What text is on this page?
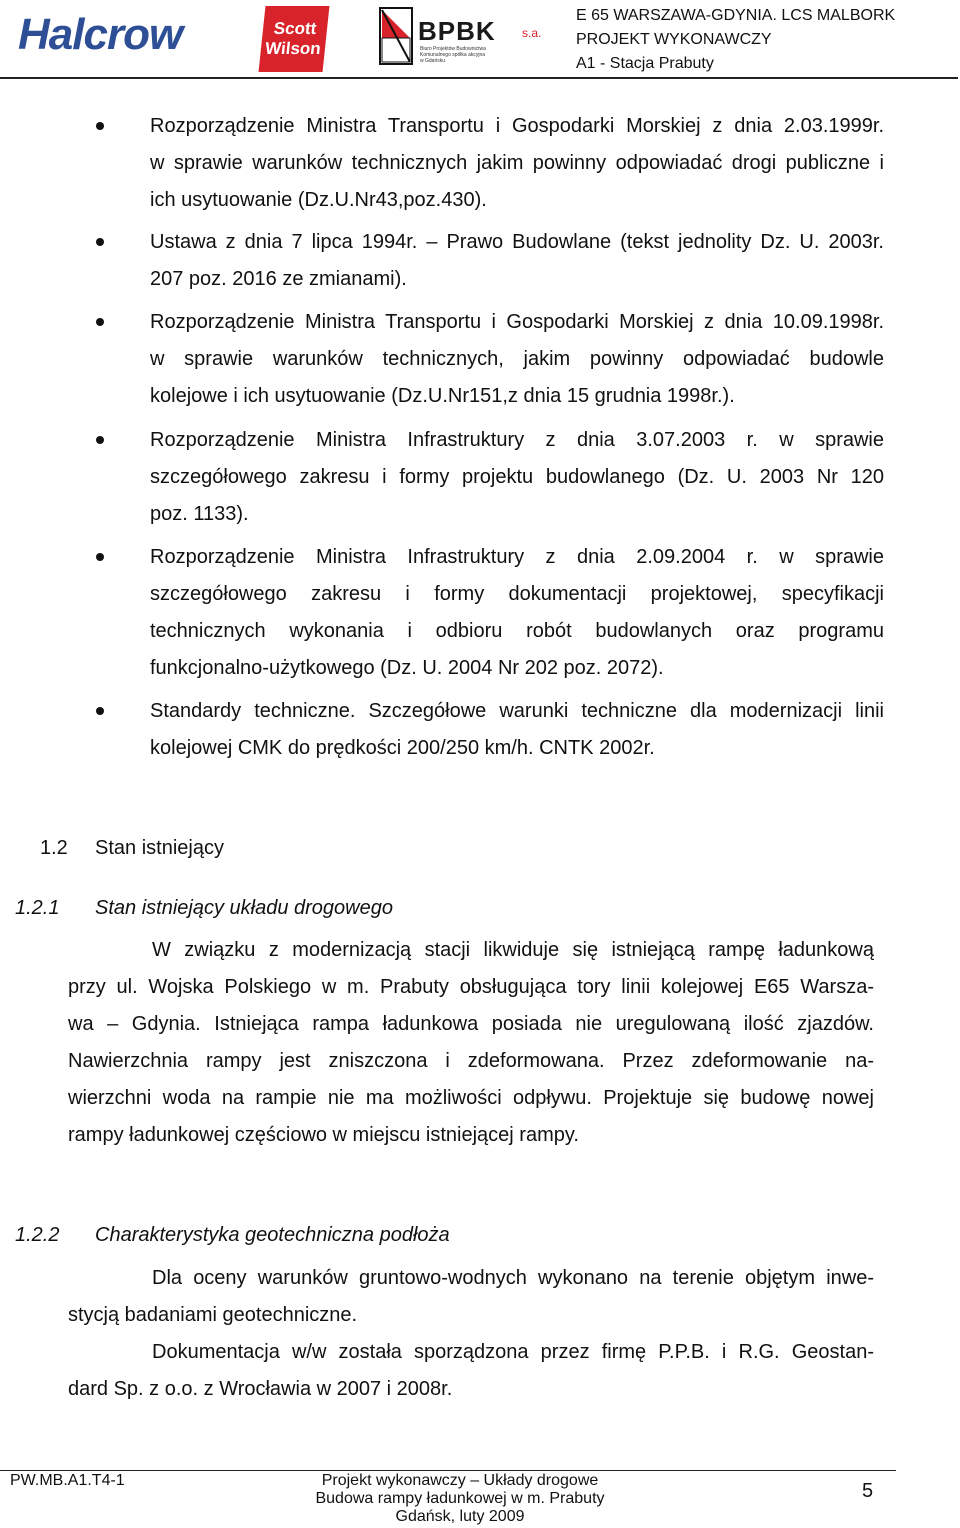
Halcrow	Scott
Wilson
BPBK s.a.
Biuro Projektów Budownictwa Komunalnego spółka akcyjna w Gdańsku
E 65 WARSZAWA-GDYNIA. LCS MALBORK
PROJEKT WYKONAWCZY
A1 - Stacja Prabuty
Rozporządzenie Ministra Transportu i Gospodarki Morskiej z dnia 2.03.1999r.
w sprawie warunków technicznych jakim powinny odpowiadać drogi publiczne i
ich usytuowanie (Dz.U.Nr43,poz.430).
Ustawa z dnia 7 lipca 1994r. – Prawo Budowlane (tekst jednolity Dz. U. 2003r.
207 poz. 2016 ze zmianami).
Rozporządzenie Ministra Transportu i Gospodarki Morskiej z dnia 10.09.1998r.
w sprawie warunków technicznych, jakim powinny odpowiadać budowle
kolejowe i ich usytuowanie (Dz.U.Nr151,z dnia 15 grudnia 1998r.).
Rozporządzenie Ministra Infrastruktury z dnia 3.07.2003 r. w sprawie
szczegółowego zakresu i formy projektu budowlanego (Dz. U. 2003 Nr 120
poz. 1133).
Rozporządzenie Ministra Infrastruktury z dnia 2.09.2004 r. w sprawie
szczegółowego zakresu i formy dokumentacji projektowej, specyfikacji
technicznych wykonania i odbioru robót budowlanych oraz programu
funkcjonalno-użytkowego (Dz. U. 2004 Nr 202 poz. 2072).
Standardy techniczne. Szczegółowe warunki techniczne dla modernizacji linii
kolejowej CMK do prędkości 200/250 km/h. CNTK 2002r.
1.2 Stan istniejący
1.2.1 Stan istniejący układu drogowego
W związku z modernizacją stacji likwiduje się istniejącą rampę ładunkową
przy ul. Wojska Polskiego w m. Prabuty obsługująca tory linii kolejowej E65 Warsza-
wa – Gdynia. Istniejąca rampa ładunkowa posiada nie uregulowaną ilość zjazdów.
Nawierzchnia rampy jest zniszczona i zdeformowana. Przez zdeformowanie na-
wierzchni woda na rampie nie ma możliwości odpływu. Projektuje się budowę nowej
rampy ładunkowej częściowo w miejscu istniejącej rampy.
1.2.2 Charakterystyka geotechniczna podłoża
Dla oceny warunków gruntowo-wodnych wykonano na terenie objętym inwe-
stycją badaniami geotechniczne.
Dokumentacja w/w została sporządzona przez firmę P.P.B. i R.G. Geostan-
dard Sp. z o.o. z Wrocławia w 2007 i 2008r.
PW.MB.A1.T4-1	Projekt wykonawczy – Układy drogowe
Budowa rampy ładunkowej w m. Prabuty
Gdańsk, luty 2009
5
